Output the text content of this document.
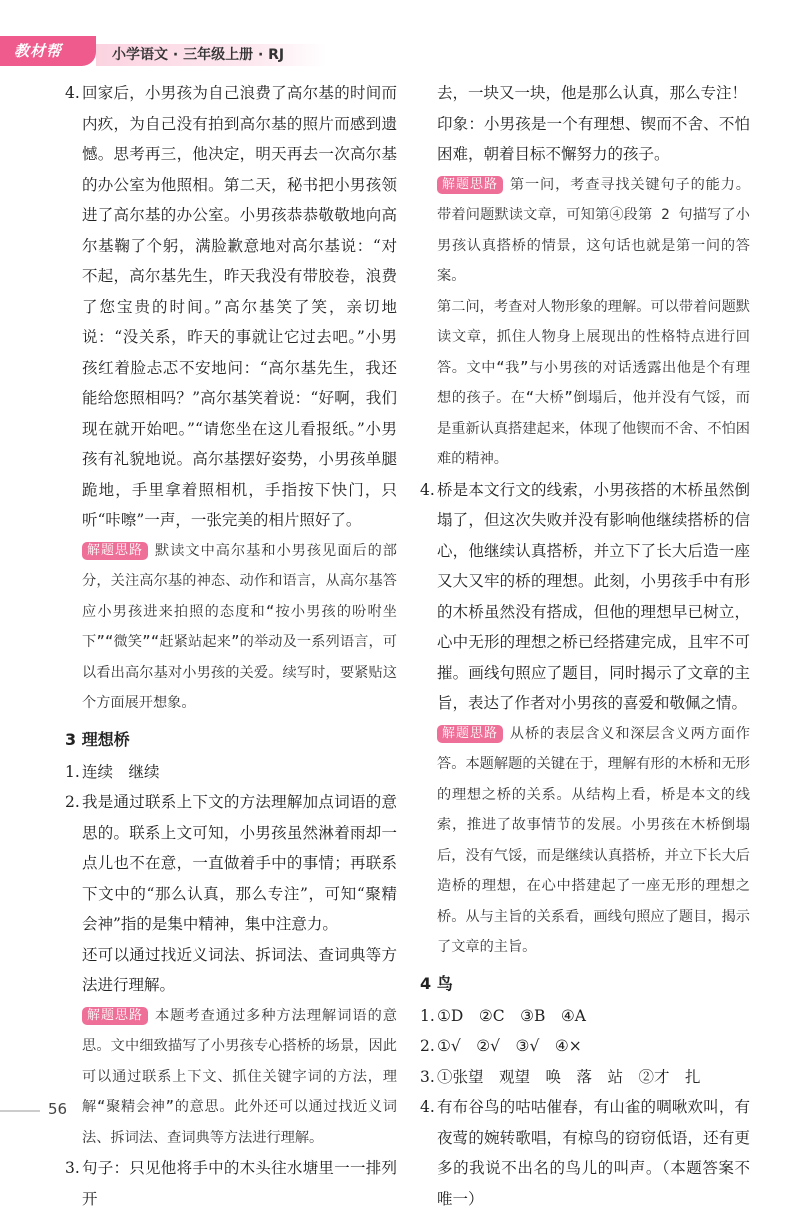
教材帮	小学语文 · 三年级上册 · RJ
4. 回家后，小男孩为自己浪费了高尔基的时间而内疚，为自己没有拍到高尔基的照片而感到遗憾。思考再三，他决定，明天再去一次高尔基的办公室为他照相。第二天，秘书把小男孩领进了高尔基的办公室。小男孩恭恭敬敬地向高尔基鞠了个躬，满脸歉意地对高尔基说：“对不起，高尔基先生，昨天我没有带胶卷，浪费了您宝贵的时间。”高尔基笑了笑，亲切地说：“没关系，昨天的事就让它过去吧。”小男孩红着脸忐忑不安地问：“高尔基先生，我还能给您照相吗？”高尔基笑着说：“好啊，我们现在就开始吧。”“请您坐在这儿看报纸。”小男孩有礼貌地说。高尔基摆好姿势，小男孩单腿跪地，手里拿着照相机，手指按下快门，只听“咔嚓”一声，一张完美的相片照好了。
解题思路 默读文中高尔基和小男孩见面后的部分，关注高尔基的神态、动作和语言，从高尔基答应小男孩进来拍照的态度和“按小男孩的吩咐坐下”“微笑”“赶紧站起来”的举动及一系列语言，可以看出高尔基对小男孩的关爱。续写时，要紧贴这个方面展开想象。
3 理想桥
1. 连续　继续
2. 我是通过联系上下文的方法理解加点词语的意思的。联系上文可知，小男孩虽然淋着雨却一点儿也不在意，一直做着手中的事情；再联系下文中的“那么认真，那么专注”，可知“聚精会神”指的是集中精神，集中注意力。
还可以通过找近义词法、拆词法、查词典等方法进行理解。
解题思路 本题考查通过多种方法理解词语的意思。文中细致描写了小男孩专心搭桥的场景，因此可以通过联系上下文、抓住关键字词的方法，理解“聚精会神”的意思。此外还可以通过找近义词法、拆词法、查词典等方法进行理解。
3. 句子：只见他将手中的木头往水塘里一一排列开
去，一块又一块，他是那么认真，那么专注！
印象：小男孩是一个有理想、锲而不舍、不怕困难，朝着目标不懈努力的孩子。
解题思路 第一问，考查寻找关键句子的能力。带着问题默读文章，可知第④段第 2 句描写了小男孩认真搭桥的情景，这句话也就是第一问的答案。
第二问，考查对人物形象的理解。可以带着问题默读文章，抓住人物身上展现出的性格特点进行回答。文中“我”与小男孩的对话透露出他是个有理想的孩子。在“大桥”倒塌后，他并没有气馁，而是重新认真搭建起来，体现了他锲而不舍、不怕困难的精神。
4. 桥是本文行文的线索，小男孩搭的木桥虽然倒塌了，但这次失败并没有影响他继续搭桥的信心，他继续认真搭桥，并立下了长大后造一座又大又牢的桥的理想。此刻，小男孩手中有形的木桥虽然没有搭成，但他的理想早已树立，心中无形的理想之桥已经搭建完成，且牢不可摧。画线句照应了题目，同时揭示了文章的主旨，表达了作者对小男孩的喜爱和敬佩之情。
解题思路 从桥的表层含义和深层含义两方面作答。本题解题的关键在于，理解有形的木桥和无形的理想之桥的关系。从结构上看，桥是本文的线索，推进了故事情节的发展。小男孩在木桥倒塌后，没有气馁，而是继续认真搭桥，并立下长大后造桥的理想，在心中搭建起了一座无形的理想之桥。从与主旨的关系看，画线句照应了题目，揭示了文章的主旨。
4 鸟
1. ①D　②C　③B　④A
2. ①√　②√　③√　④×
3. ①张望　观望　唤　落　站　②才　扎
4. 有布谷鸟的咕咕催春，有山雀的啁啾欢叫，有夜莺的婉转歌唱，有椋鸟的窃窃低语，还有更多的我说不出名的鸟儿的叫声。（本题答案不唯一）
56
